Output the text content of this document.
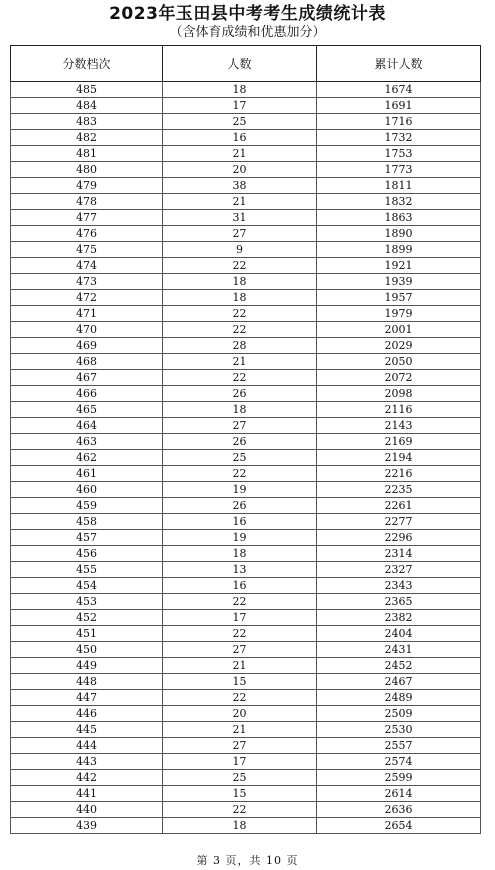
2023年玉田县中考考生成绩统计表
（含体育成绩和优惠加分）
分数档次	人数	累计人数
485	18	1674
484	17	1691
483	25	1716
482	16	1732
481	21	1753
480	20	1773
479	38	1811
478	21	1832
477	31	1863
476	27	1890
475	9	1899
474	22	1921
473	18	1939
472	18	1957
471	22	1979
470	22	2001
469	28	2029
468	21	2050
467	22	2072
466	26	2098
465	18	2116
464	27	2143
463	26	2169
462	25	2194
461	22	2216
460	19	2235
459	26	2261
458	16	2277
457	19	2296
456	18	2314
455	13	2327
454	16	2343
453	22	2365
452	17	2382
451	22	2404
450	27	2431
449	21	2452
448	15	2467
447	22	2489
446	20	2509
445	21	2530
444	27	2557
443	17	2574
442	25	2599
441	15	2614
440	22	2636
439	18	2654
第 3 页，共 10 页
